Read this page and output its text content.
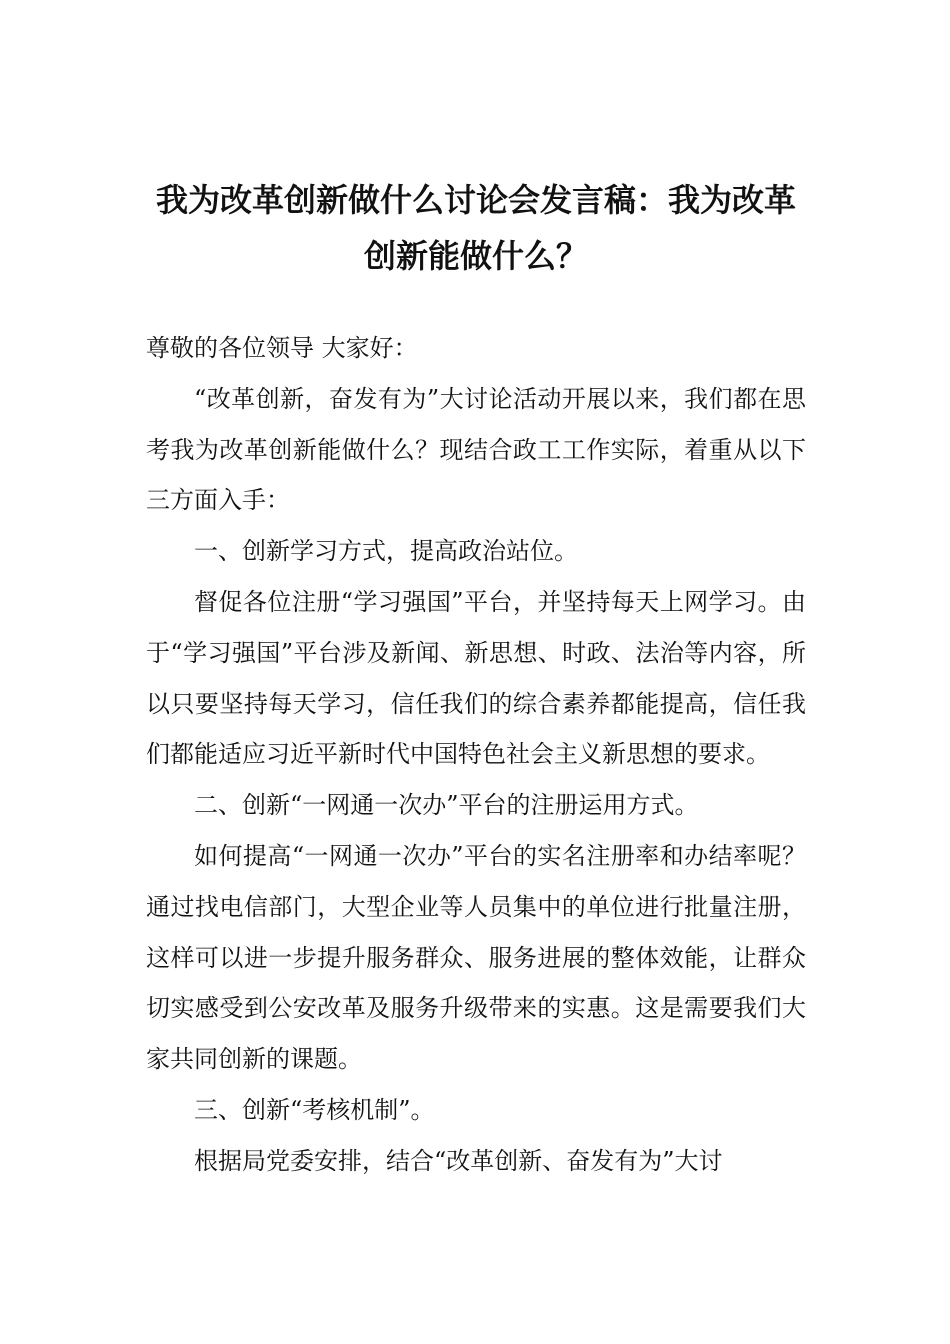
我为改革创新做什么讨论会发言稿：我为改革创新能做什么？

尊敬的各位领导 大家好：

“改革创新，奋发有为”大讨论活动开展以来，我们都在思考我为改革创新能做什么？现结合政工工作实际，着重从以下三方面入手：

一、创新学习方式，提高政治站位。

督促各位注册“学习强国”平台，并坚持每天上网学习。由于“学习强国”平台涉及新闻、新思想、时政、法治等内容，所以只要坚持每天学习，信任我们的综合素养都能提高，信任我们都能适应习近平新时代中国特色社会主义新思想的要求。

二、创新“一网通一次办”平台的注册运用方式。

如何提高“一网通一次办”平台的实名注册率和办结率呢？通过找电信部门，大型企业等人员集中的单位进行批量注册，这样可以进一步提升服务群众、服务进展的整体效能，让群众切实感受到公安改革及服务升级带来的实惠。这是需要我们大家共同创新的课题。

三、创新“考核机制”。

根据局党委安排，结合“改革创新、奋发有为”大讨
